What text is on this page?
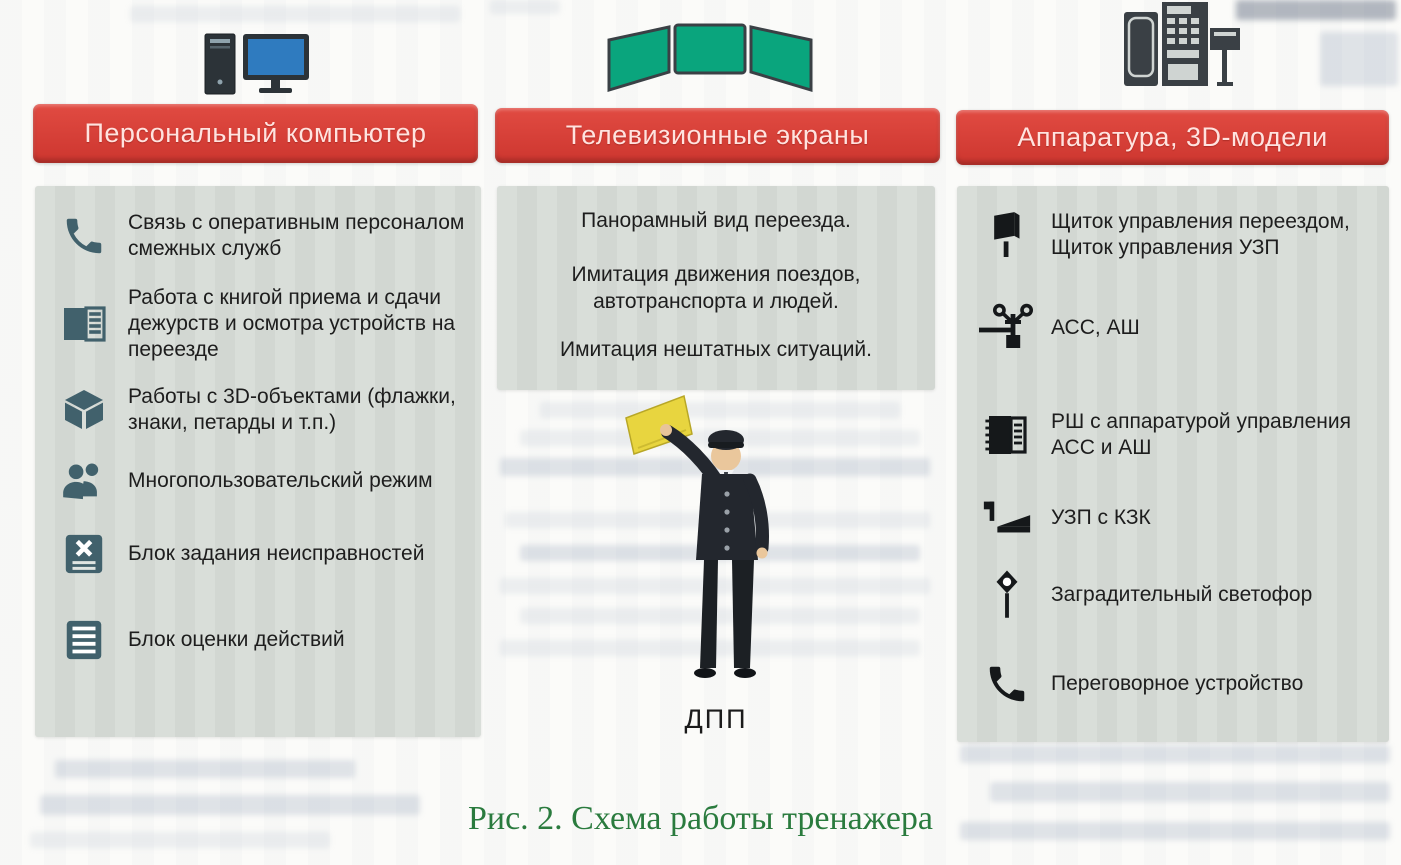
Персональный компьютер	Телевизионные экраны	Аппаратура, 3D-модели
Связь с оперативным персоналом смежных служб
Работа с книгой приема и сдачи дежурств и осмотра устройств на переезде
Работы с 3D-объектами (флажки, знаки, петарды и т.п.)
Многопользовательский режим
Блок задания неисправностей
Блок оценки действий

Панорамный вид переезда.

Имитация движения поездов, автотранспорта и людей.

Имитация нештатных ситуаций.

ДПП
Щиток управления переездом, Щиток управления УЗП
АСС, АШ
РШ с аппаратурой управления АСС и АШ
УЗП с КЗК
Заградительный светофор
Переговорное устройство
Рис. 2. Схема работы тренажера
